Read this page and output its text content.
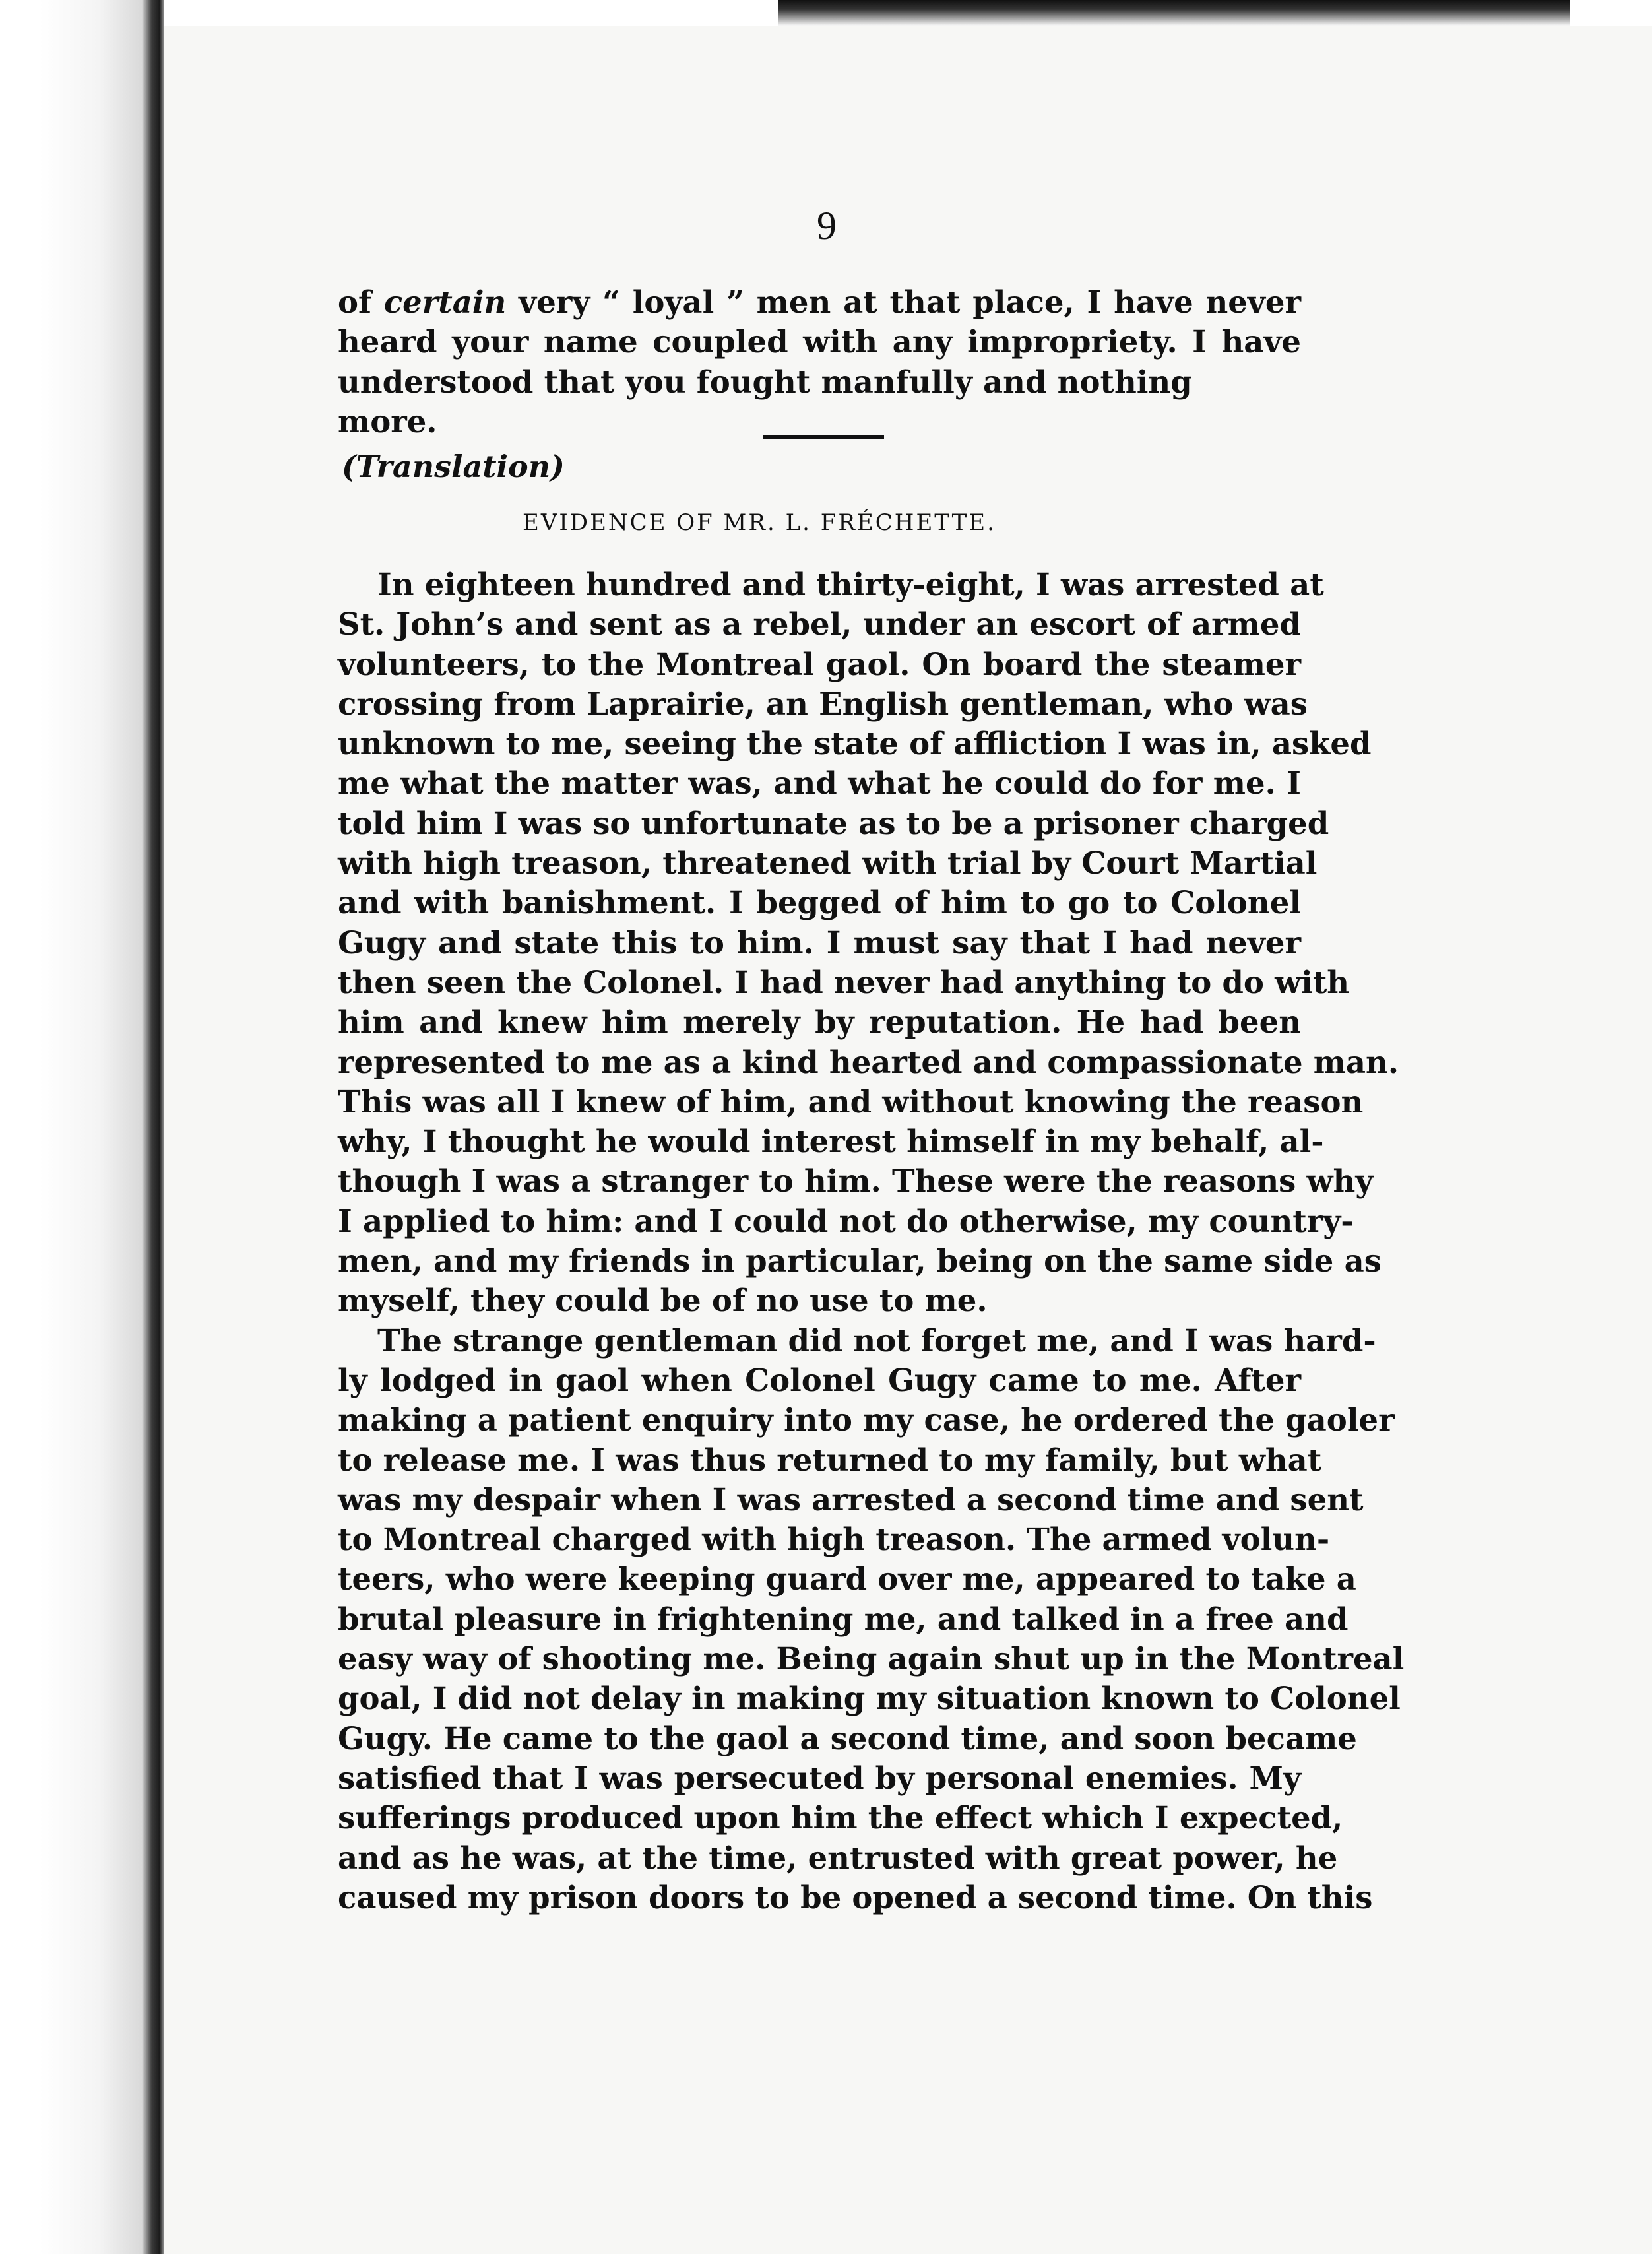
9

of certain very “ loyal ” men at that place, I have never

heard your name coupled with any impropriety. I have

understood that you fought manfully and nothing more.

(Translation)
EVIDENCE OF MR. L. FRÉCHETTE.

In eighteen hundred and thirty-eight, I was arrested at

St. John’s and sent as a rebel, under an escort of armed

volunteers, to the Montreal gaol. On board the steamer

crossing from Laprairie, an English gentleman, who was

unknown to me, seeing the state of affliction I was in, asked

me what the matter was, and what he could do for me. I

told him I was so unfortunate as to be a prisoner charged

with high treason, threatened with trial by Court Martial

and with banishment. I begged of him to go to Colonel

Gugy and state this to him. I must say that I had never

then seen the Colonel. I had never had anything to do with

him and knew him merely by reputation. He had been

represented to me as a kind hearted and compassionate man.

This was all I knew of him, and without knowing the reason

why, I thought he would interest himself in my behalf, al-

though I was a stranger to him. These were the reasons why

I applied to him: and I could not do otherwise, my country-

men, and my friends in particular, being on the same side as

myself, they could be of no use to me.

The strange gentleman did not forget me, and I was hard-

ly lodged in gaol when Colonel Gugy came to me. After

making a patient enquiry into my case, he ordered the gaoler

to release me. I was thus returned to my family, but what

was my despair when I was arrested a second time and sent

to Montreal charged with high treason. The armed volun-

teers, who were keeping guard over me, appeared to take a

brutal pleasure in frightening me, and talked in a free and

easy way of shooting me. Being again shut up in the Montreal

goal, I did not delay in making my situation known to Colonel

Gugy. He came to the gaol a second time, and soon became

satisfied that I was persecuted by personal enemies. My

sufferings produced upon him the effect which I expected,

and as he was, at the time, entrusted with great power, he

caused my prison doors to be opened a second time. On this
